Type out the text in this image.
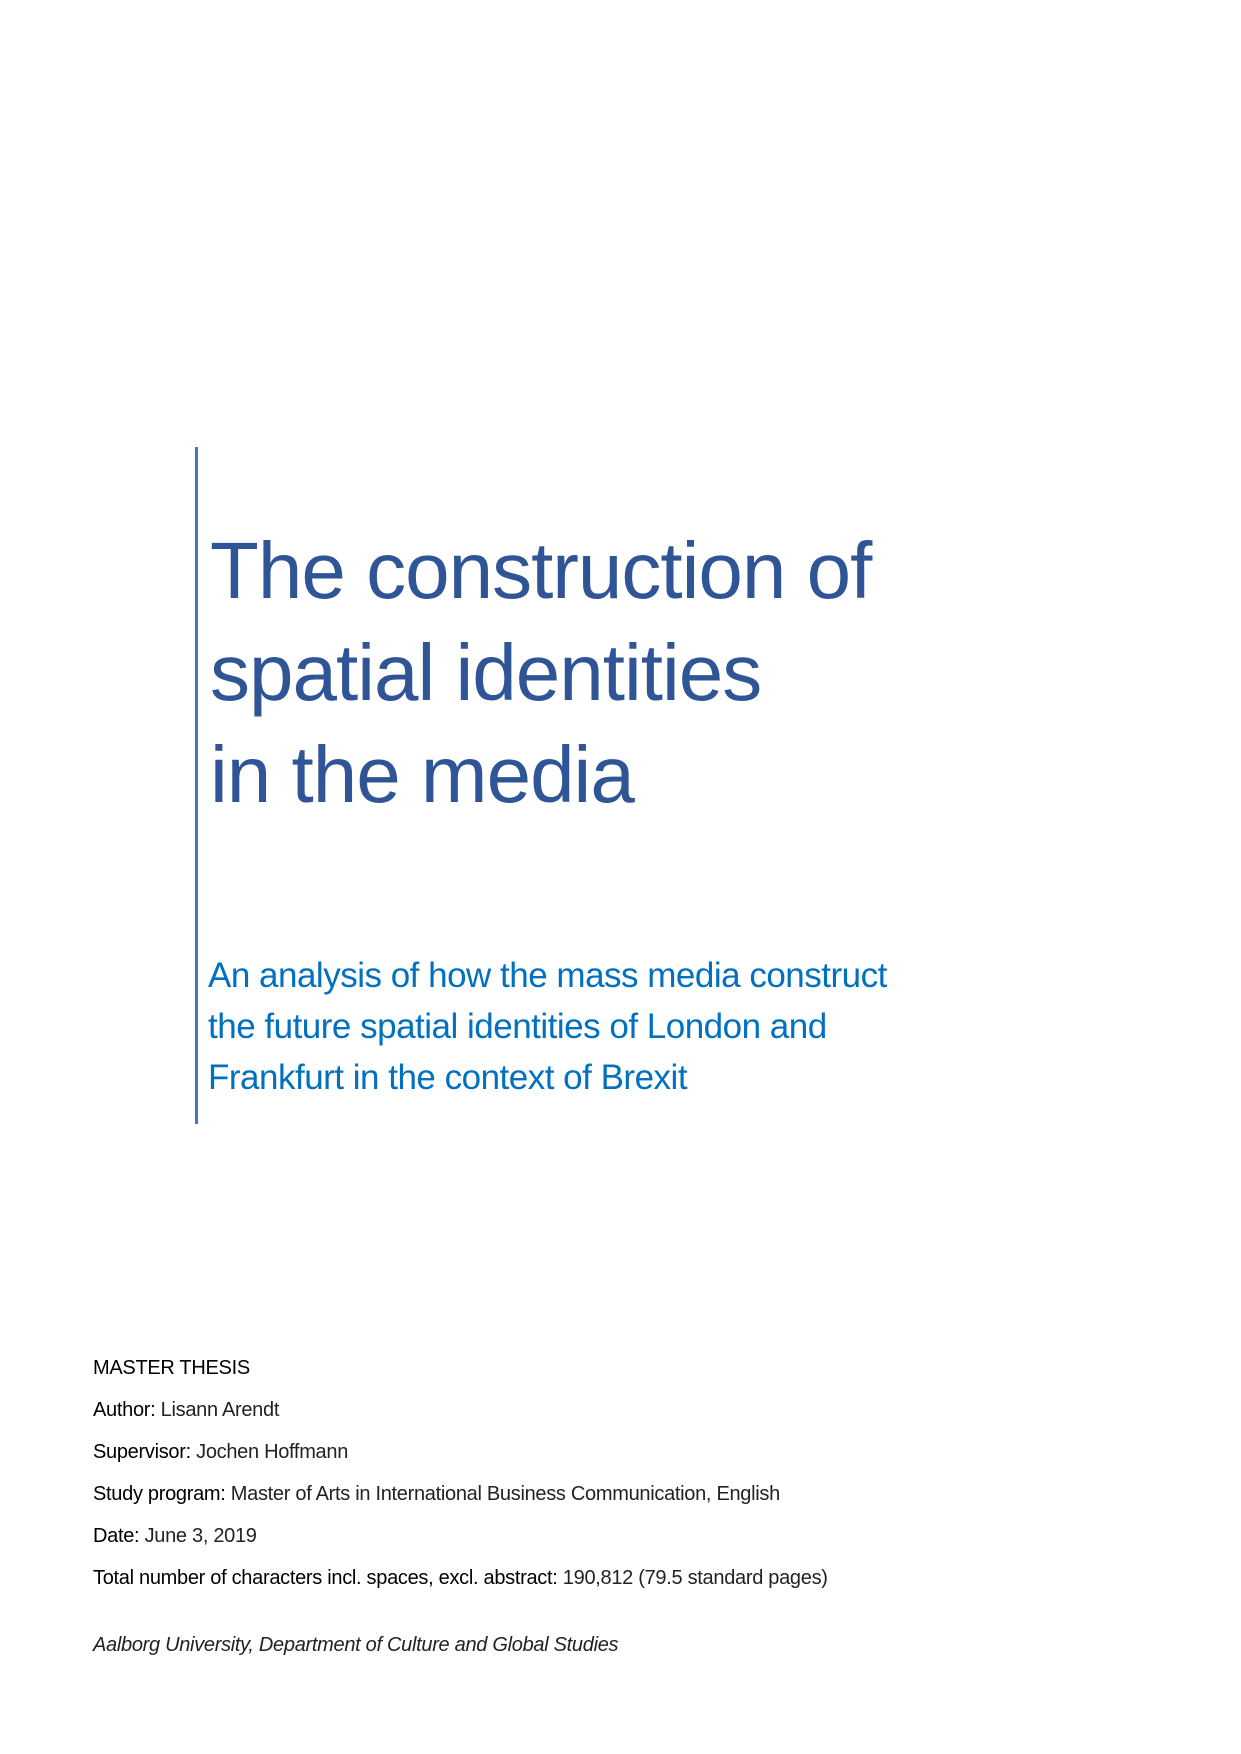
The construction of
spatial identities
in the media
An analysis of how the mass media construct
the future spatial identities of London and
Frankfurt in the context of Brexit
MASTER THESIS
Author: Lisann Arendt
Supervisor: Jochen Hoffmann
Study program: Master of Arts in International Business Communication, English
Date: June 3, 2019
Total number of characters incl. spaces, excl. abstract: 190,812 (79.5 standard pages)
Aalborg University, Department of Culture and Global Studies
